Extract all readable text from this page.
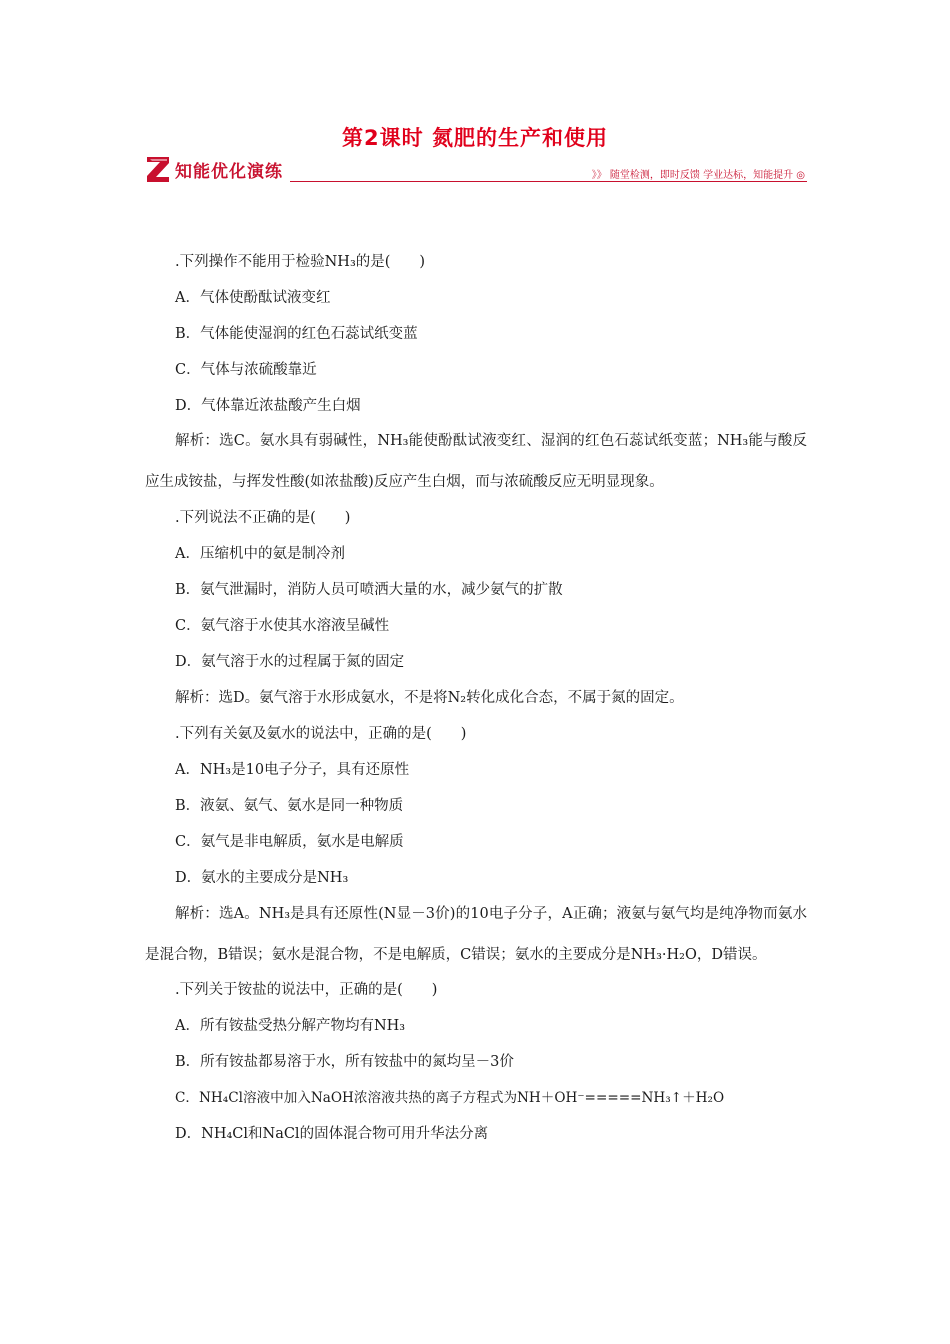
第2课时 氮肥的生产和使用
知能优化演练	》》 随堂检测，即时反馈 学业达标，知能提升 ◎
.下列操作不能用于检验NH₃的是(　　)
A．气体使酚酞试液变红
B．气体能使湿润的红色石蕊试纸变蓝
C．气体与浓硫酸靠近
D．气体靠近浓盐酸产生白烟
解析：选C。氨水具有弱碱性，NH₃能使酚酞试液变红、湿润的红色石蕊试纸变蓝；NH₃能与酸反应生成铵盐，与挥发性酸(如浓盐酸)反应产生白烟，而与浓硫酸反应无明显现象。
.下列说法不正确的是(　　)
A．压缩机中的氨是制冷剂
B．氨气泄漏时，消防人员可喷洒大量的水，减少氨气的扩散
C．氨气溶于水使其水溶液呈碱性
D．氨气溶于水的过程属于氮的固定
解析：选D。氨气溶于水形成氨水，不是将N₂转化成化合态，不属于氮的固定。
.下列有关氨及氨水的说法中，正确的是(　　)
A．NH₃是10电子分子，具有还原性
B．液氨、氨气、氨水是同一种物质
C．氨气是非电解质，氨水是电解质
D．氨水的主要成分是NH₃
解析：选A。NH₃是具有还原性(N显－3价)的10电子分子，A正确；液氨与氨气均是纯净物而氨水是混合物，B错误；氨水是混合物，不是电解质，C错误；氨水的主要成分是NH₃·H₂O，D错误。
.下列关于铵盐的说法中，正确的是(　　)
A．所有铵盐受热分解产物均有NH₃
B．所有铵盐都易溶于水，所有铵盐中的氮均呈－3价
C．NH₄Cl溶液中加入NaOH浓溶液共热的离子方程式为NH＋OH⁻=====NH₃↑＋H₂O
D．NH₄Cl和NaCl的固体混合物可用升华法分离
